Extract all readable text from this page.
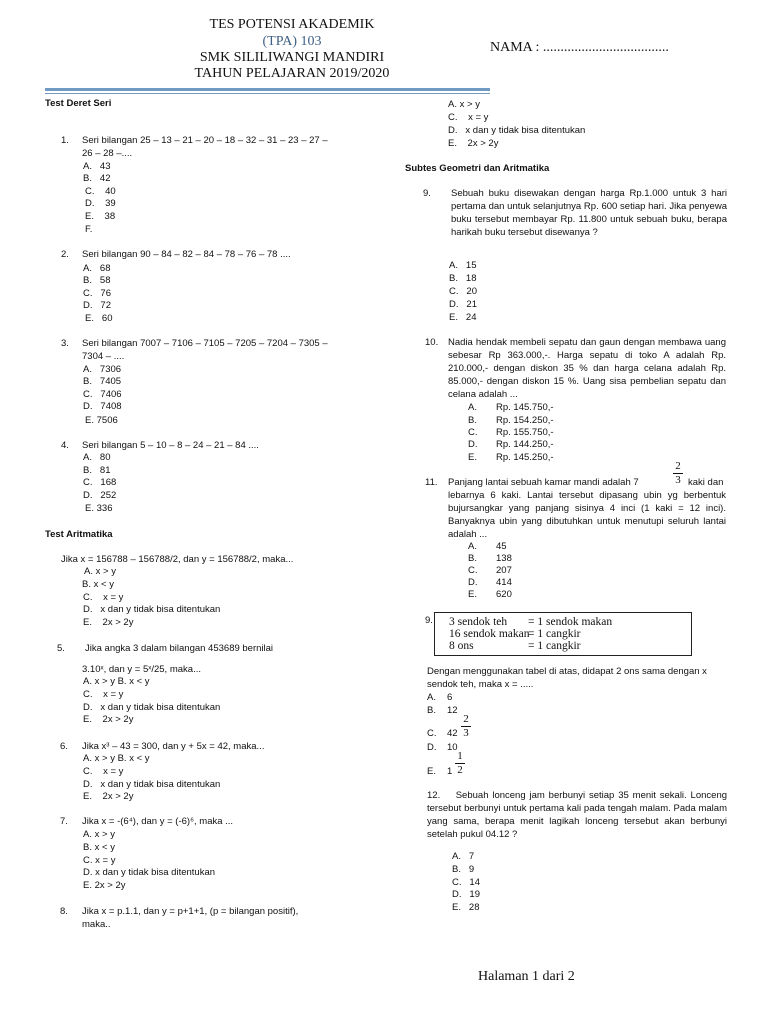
TES POTENSI AKADEMIK
(TPA) 103
SMK SILILIWANGI MANDIRI
TAHUN PELAJARAN 2019/2020
NAMA : ....................................
Test Deret Seri
1. Seri bilangan 25 – 13 – 21 – 20 – 18 – 32 – 31 – 23 – 27 –
26 – 28 –....
A. 43
B. 42
C. 40
D. 39
E. 38
F.
2. Seri bilangan 90 – 84 – 82 – 84 – 78 – 76 – 78 ....
A. 68
B. 58
C. 76
D. 72
E. 60
3. Seri bilangan 7007 – 7106 – 7105 – 7205 – 7204 – 7305 –
7304 – ....
A. 7306
B. 7405
C. 7406
D. 7408
E. 7506
4. Seri bilangan 5 – 10 – 8 – 24 – 21 – 84 ....
A. 80
B. 81
C. 168
D. 252
E. 336
Test Aritmatika
Jika x = 156788 – 156788/2, dan y = 156788/2, maka...
A. x > y
B. x < y
C. x = y
D. x dan y tidak bisa ditentukan
E. 2x > 2y
5. Jika angka 3 dalam bilangan 453689 bernilai
3.10ˣ, dan y = 5ˣ/25, maka...
A. x > y B. x < y
C. x = y
D. x dan y tidak bisa ditentukan
E. 2x > 2y
6. Jika x³ – 43 = 300, dan y + 5x = 42, maka...
A. x > y B. x < y
C. x = y
D. x dan y tidak bisa ditentukan
E. 2x > 2y
7. Jika x = -(6⁴), dan y = (-6)⁶, maka ...
A. x > y
B. x < y
C. x = y
D. x dan y tidak bisa ditentukan
E. 2x > 2y
8. Jika x = p.1.1, dan y = p+1+1, (p = bilangan positif),
maka..
A. x > y
C. x = y
D. x dan y tidak bisa ditentukan
E. 2x > 2y
Subtes Geometri dan Aritmatika
9. Sebuah buku disewakan dengan harga Rp.1.000 untuk 3 hari pertama dan untuk selanjutnya Rp. 600 setiap hari. Jika penyewa buku tersebut membayar Rp. 11.800 untuk sebuah buku, berapa harikah buku tersebut disewanya ?
A. 15
B. 18
C. 20
D. 21
E. 24
10. Nadia hendak membeli sepatu dan gaun dengan membawa uang sebesar Rp 363.000,-. Harga sepatu di toko A adalah Rp. 210.000,- dengan diskon 35 % dan harga celana adalah Rp. 85.000,- dengan diskon 15 %. Uang sisa pembelian sepatu dan celana adalah ...
A. Rp. 145.750,-
B. Rp. 154.250,-
C. Rp. 155.750,-
D. Rp. 144.250,-
E. Rp. 145.250,-
11. Panjang lantai sebuah kamar mandi adalah 7
2
3 kaki dan
lebarnya 6 kaki. Lantai tersebut dipasang ubin yg berbentuk bujursangkar yang panjang sisinya 4 inci (1 kaki = 12 inci). Banyaknya ubin yang dibutuhkan untuk menutupi seluruh lantai adalah ...
A. 45
B. 138
C. 207
D. 414
E. 620
9. 3 sendok teh = 1 sendok makan
16 sendok makan
= 1 cangkir
8 ons	= 1 cangkir
Dengan menggunakan tabel di atas, didapat 2 ons sama dengan x sendok teh, maka x = .....
A. 6
B. 12
C. 42
2
3
D. 10
E. 1
1
2
12. Sebuah lonceng jam berbunyi setiap 35 menit sekali. Lonceng tersebut berbunyi untuk pertama kali pada tengah malam. Pada malam yang sama, berapa menit lagikah lonceng tersebut akan berbunyi setelah pukul 04.12 ?
A. 7
B. 9
C. 14
D. 19
E. 28
Halaman 1 dari 2
